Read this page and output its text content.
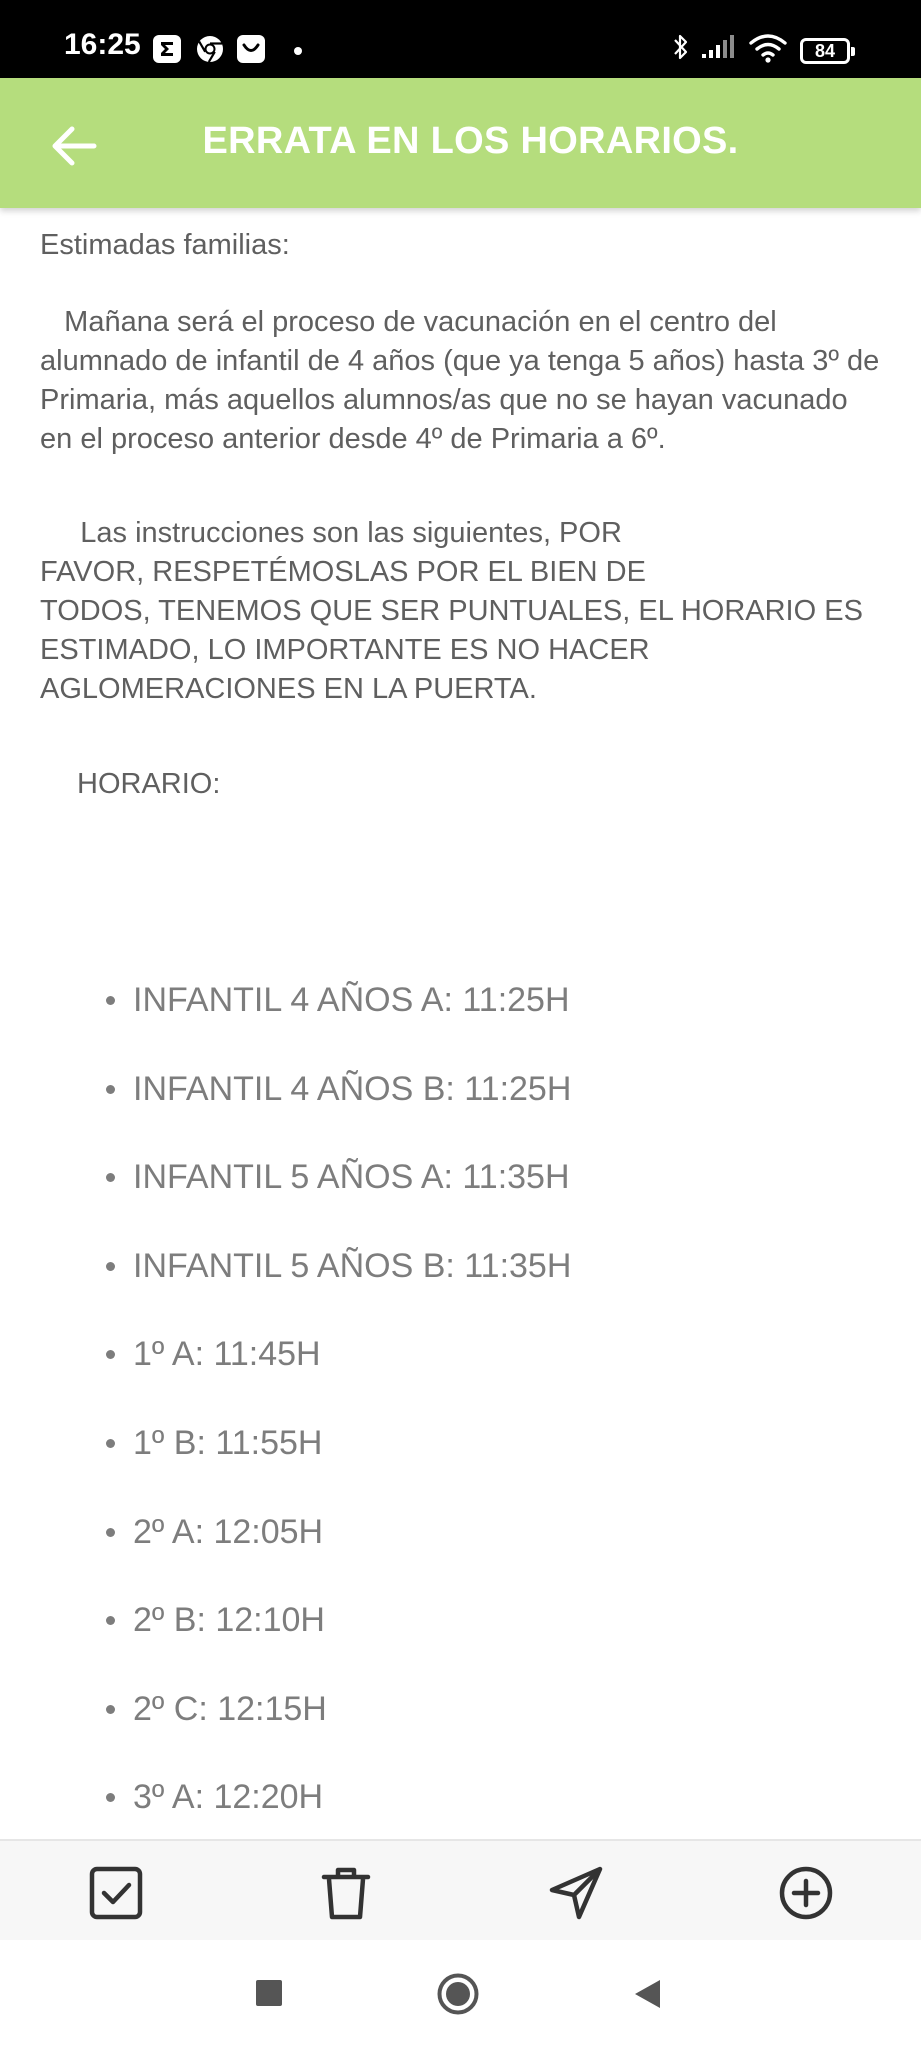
16:25	84
ERRATA EN LOS HORARIOS.

Estimadas familias:

Mañana será el proceso de vacunación en el centro del alumnado de infantil de 4 años (que ya tenga 5 años) hasta 3º de Primaria, más aquellos alumnos/as que no se hayan vacunado en el proceso anterior desde 4º de Primaria a 6º.

Las instrucciones son las siguientes, POR
FAVOR, RESPETÉMOSLAS POR EL BIEN DE
TODOS, TENEMOS QUE SER PUNTUALES, EL HORARIO ES
ESTIMADO, LO IMPORTANTE ES NO HACER
AGLOMERACIONES EN LA PUERTA.

HORARIO:

INFANTIL 4 AÑOS A: 11:25H
INFANTIL 4 AÑOS B: 11:25H
INFANTIL 5 AÑOS A: 11:35H
INFANTIL 5 AÑOS B: 11:35H
1º A: 11:45H
1º B: 11:55H
2º A: 12:05H
2º B: 12:10H
2º C: 12:15H
3º A: 12:20H
